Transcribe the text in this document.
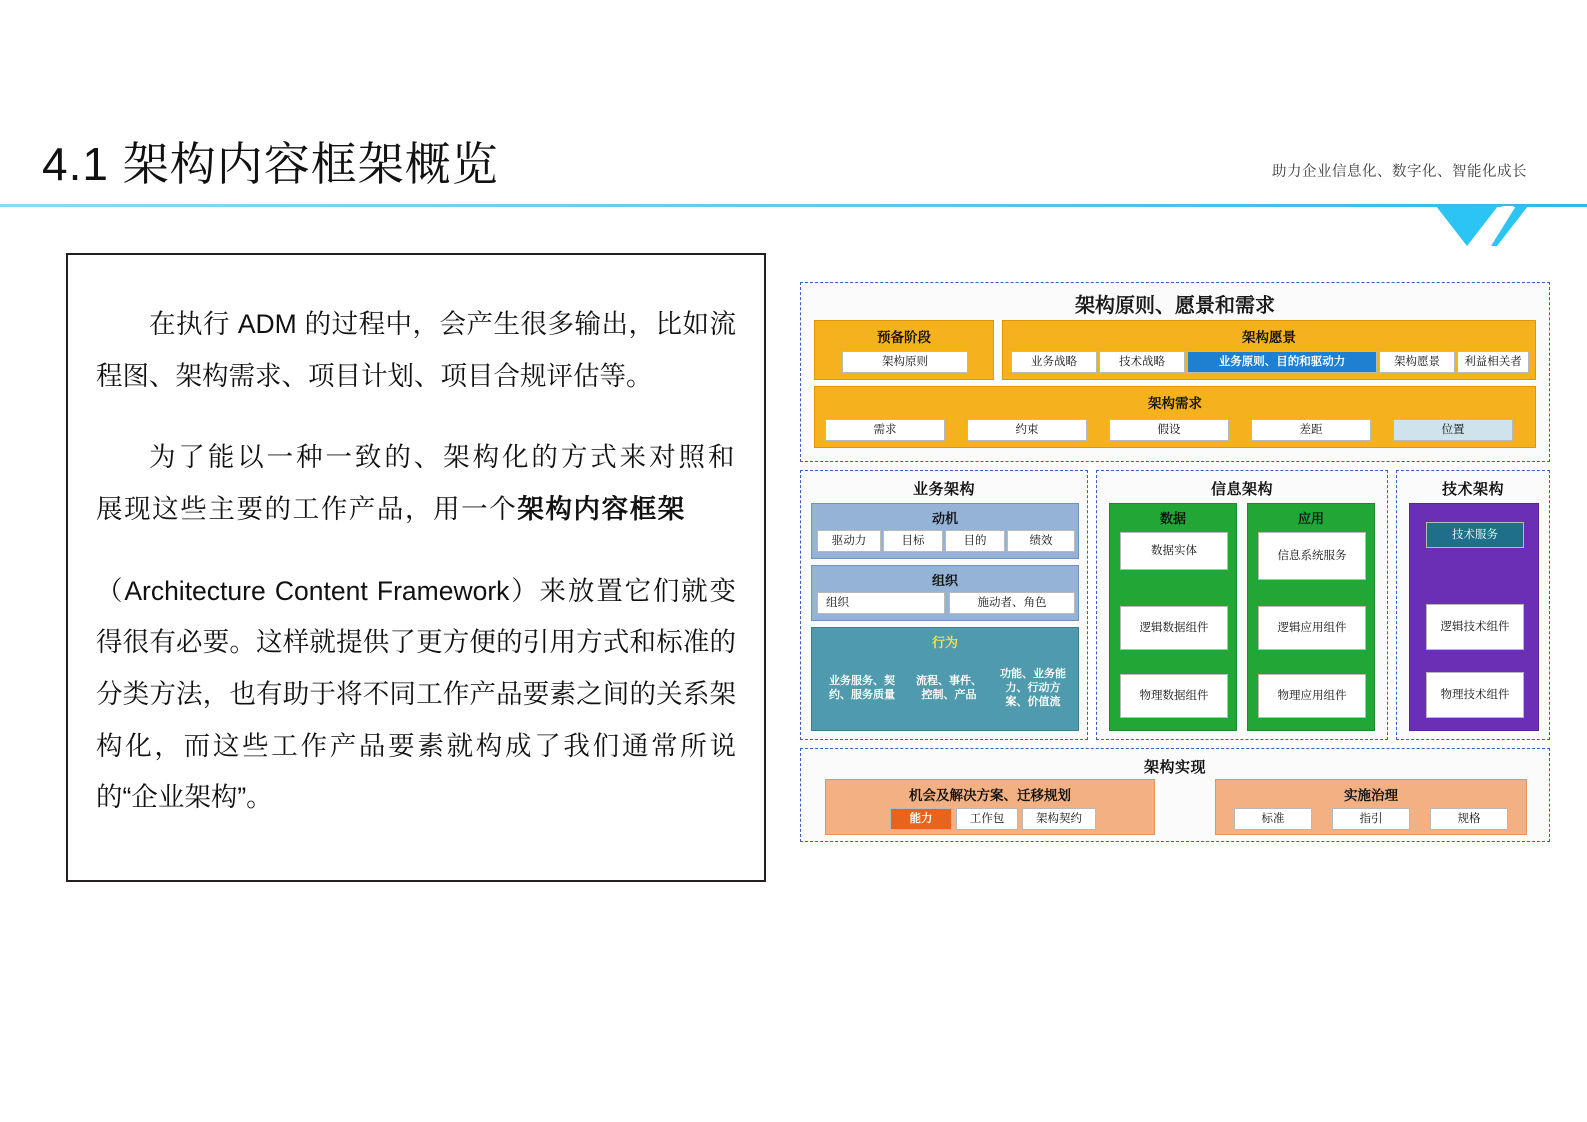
4.1 架构内容框架概览	助力企业信息化、数字化、智能化成长

在执行 ADM 的过程中，会产生很多输出，比如流程图、架构需求、项目计划、项目合规评估等。

为了能以一种一致的、架构化的方式来对照和展现这些主要的工作产品，用一个架构内容框架

（Architecture Content Framework）来放置它们就变得很有必要。这样就提供了更方便的引用方式和标准的分类方法，也有助于将不同工作产品要素之间的关系架构化，而这些工作产品要素就构成了我们通常所说的“企业架构”。

架构原则、愿景和需求
预备阶段
架构原则
架构愿景
业务战略	技术战略	业务原则、目的和驱动力	架构愿景	利益相关者
架构需求
需求	约束	假设	差距	位置
业务架构
动机
驱动力	目标	目的	绩效
组织
组织	施动者、角色
行为
业务服务、契约、服务质量
流程、事件、控制、产品
功能、业务能力、行动方案、价值流
信息架构
数据
数据实体
逻辑数据组件
物理数据组件
应用
信息系统服务
逻辑应用组件
物理应用组件
技术架构
技术服务
逻辑技术组件
物理技术组件
架构实现
机会及解决方案、迁移规划
能力	工作包	架构契约
实施治理
标准	指引	规格
